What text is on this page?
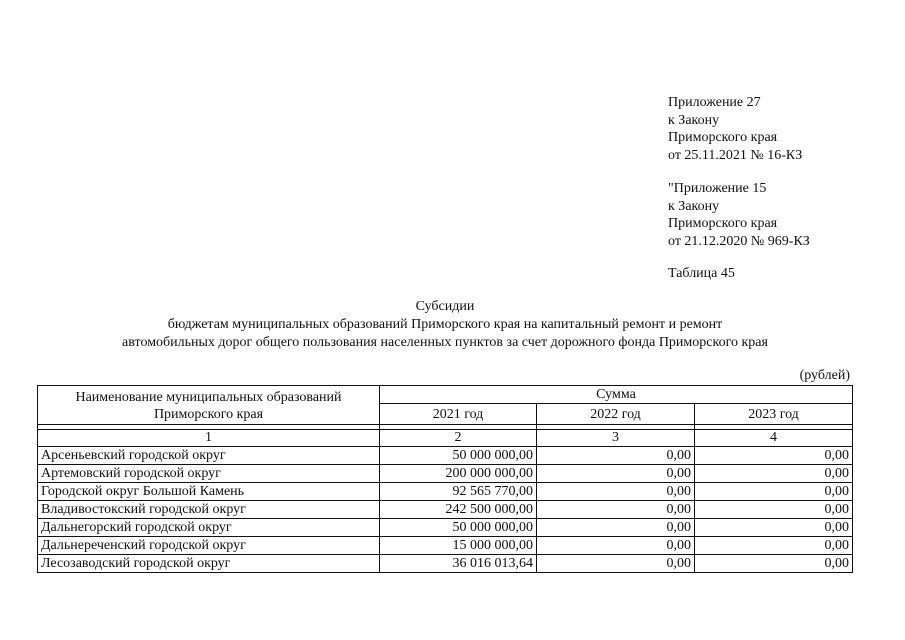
Приложение 27
к Закону
Приморского края
от 25.11.2021 № 16-КЗ
"Приложение 15
к Закону
Приморского края
от 21.12.2020 № 969-КЗ
Таблица 45
Субсидии
бюджетам муниципальных образований Приморского края на капитальный ремонт и ремонт
автомобильных дорог общего пользования населенных пунктов за счет дорожного фонда Приморского края
(рублей)
Наименование муниципальных образований Приморского края	Сумма		
	2021 год	2022 год	2023 год

1	2	3	4
Арсеньевский городской округ	50 000 000,00	0,00	0,00
Артемовский городской округ	200 000 000,00	0,00	0,00
Городской округ Большой Камень	92 565 770,00	0,00	0,00
Владивостокский городской округ	242 500 000,00	0,00	0,00
Дальнегорский городской округ	50 000 000,00	0,00	0,00
Дальнереченский городской округ	15 000 000,00	0,00	0,00
Лесозаводский городской округ	36 016 013,64	0,00	0,00
